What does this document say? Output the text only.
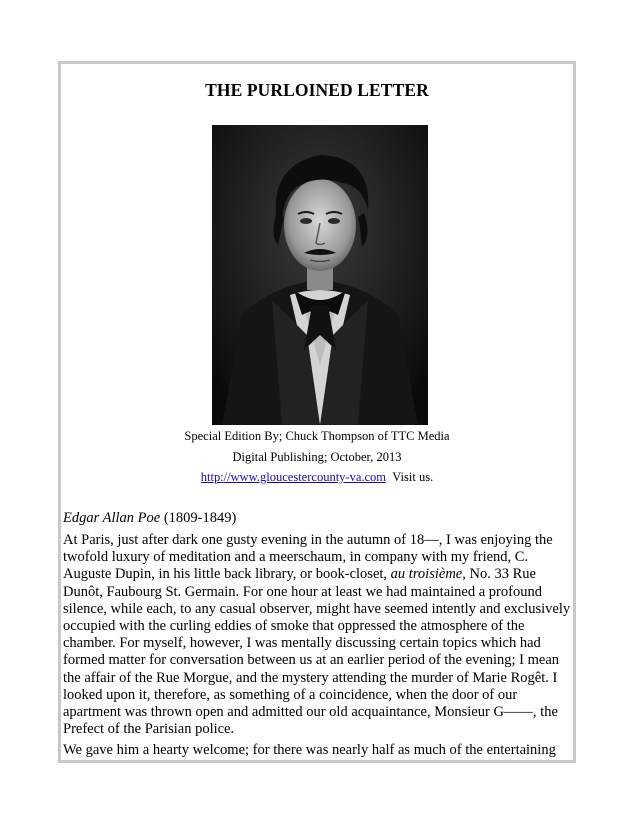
THE PURLOINED LETTER
Special Edition By; Chuck Thompson of TTC Media
Digital Publishing; October, 2013
http://www.gloucestercounty-va.com Visit us.
Edgar Allan Poe (1809-1849)

At Paris, just after dark one gusty evening in the autumn of 18—, I was enjoying the twofold luxury of meditation and a meerschaum, in company with my friend, C. Auguste Dupin, in his little back library, or book-closet, au troisième, No. 33 Rue Dunôt, Faubourg St. Germain. For one hour at least we had maintained a profound silence, while each, to any casual observer, might have seemed intently and exclusively occupied with the curling eddies of smoke that oppressed the atmosphere of the chamber. For myself, however, I was mentally discussing certain topics which had formed matter for conversation between us at an earlier period of the evening; I mean the affair of the Rue Morgue, and the mystery attending the murder of Marie Rogêt. I looked upon it, therefore, as something of a coincidence, when the door of our apartment was thrown open and admitted our old acquaintance, Monsieur G——, the Prefect of the Parisian police.

We gave him a hearty welcome; for there was nearly half as much of the entertaining
